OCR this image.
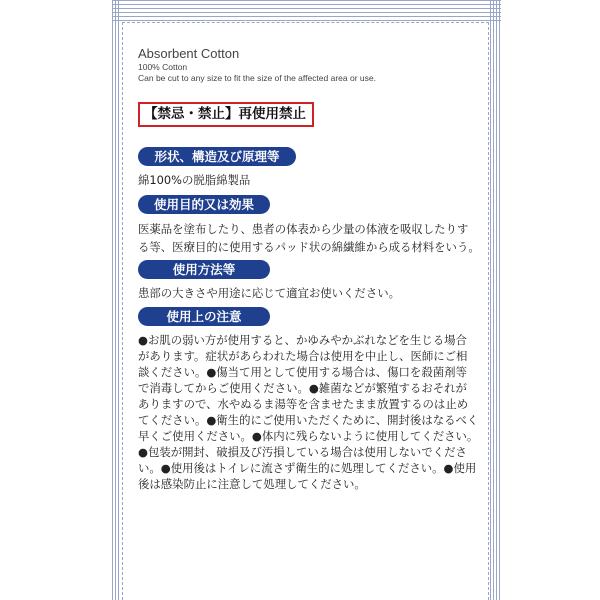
Absorbent Cotton
100% Cotton
Can be cut to any size to fit the size of the affected area or use.
【禁忌・禁止】再使用禁止
形状、構造及び原理等
綿100%の脱脂綿製品
使用目的又は効果
医薬品を塗布したり、患者の体表から少量の体液を吸収したりす
る等、医療目的に使用するパッド状の綿繊維から成る材料をいう。
使用方法等
患部の大きさや用途に応じて適宜お使いください。
使用上の注意
●お肌の弱い方が使用すると、かゆみやかぶれなどを生じる場合
があります。症状があらわれた場合は使用を中止し、医師にご相
談ください。●傷当て用として使用する場合は、傷口を殺菌剤等
で消毒してからご使用ください。●雑菌などが繁殖するおそれが
ありますので、水やぬるま湯等を含ませたまま放置するのは止め
てください。●衛生的にご使用いただくために、開封後はなるべく
早くご使用ください。●体内に残らないように使用してください。
●包装が開封、破損及び汚損している場合は使用しないでくださ
い。●使用後はトイレに流さず衛生的に処理してください。●使用
後は感染防止に注意して処理してください。
